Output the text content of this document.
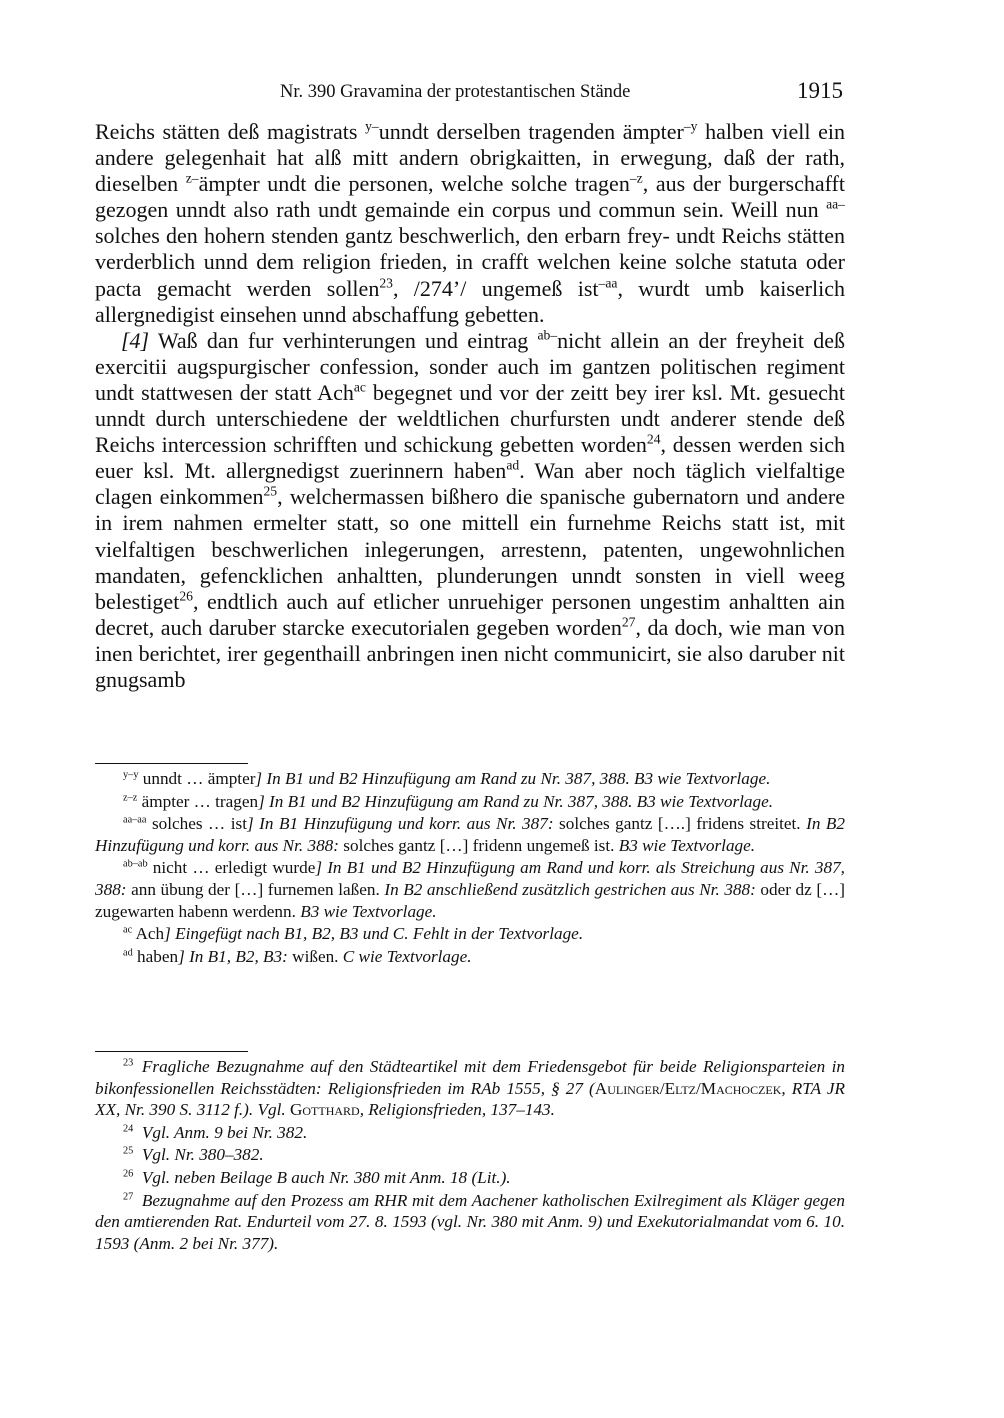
Nr. 390 Gravamina der protestantischen Stände	1915

Reichs stätten deß magistrats $^{y-}$unndt derselben tragenden ämpter$^{-y}$ halben viell ein andere gelegenhait hat alß mitt andern obrigkaitten, in erwegung, daß der rath, dieselben $^{z-}$ämpter undt die personen, welche solche tragen$^{-z}$, aus der burgerschafft gezogen unndt also rath undt gemainde ein corpus und commun sein. Weill nun $^{aa-}$solches den hohern stenden gantz beschwerlich, den erbarn frey- undt Reichs stätten verderblich unnd dem religion frieden, in crafft welchen keine solche statuta oder pacta gemacht werden sollen$^{23}$, /274’/ ungemeß ist$^{-aa}$, wurdt umb kaiserlich allergnedigist einsehen unnd abschaffung gebetten.

[4] Waß dan fur verhinterungen und eintrag $^{ab-}$nicht allein an der freyheit deß exercitii augspurgischer confession, sonder auch im gantzen politischen regiment undt stattwesen der statt Ach$^{ac}$ begegnet und vor der zeitt bey irer ksl. Mt. gesuecht unndt durch unterschiedene der weldtlichen churfursten undt anderer stende deß Reichs intercession schrifften und schickung gebetten worden$^{24}$, dessen werden sich euer ksl. Mt. allergnedigst zuerinnern haben$^{ad}$. Wan aber noch täglich vielfaltige clagen einkommen$^{25}$, welchermassen bißhero die spanische gubernatorn und andere in irem nahmen ermelter statt, so one mittell ein furnehme Reichs statt ist, mit vielfaltigen beschwerlichen inlegerungen, arrestenn, patenten, ungewohnlichen mandaten, gefencklichen anhaltten, plunderungen unndt sonsten in viell weeg belestiget$^{26}$, endtlich auch auf etlicher unruehiger personen ungestim anhaltten ain decret, auch daruber starcke executorialen gegeben worden$^{27}$, da doch, wie man von inen berichtet, irer gegenthaill anbringen inen nicht communicirt, sie also daruber nit gnugsamb

$^{y-y}$ unndt … ämpter] In B1 und B2 Hinzufügung am Rand zu Nr. 387, 388. B3 wie Textvorlage.

$^{z-z}$ ämpter … tragen] In B1 und B2 Hinzufügung am Rand zu Nr. 387, 388. B3 wie Textvorlage.

$^{aa-aa}$ solches … ist] In B1 Hinzufügung und korr. aus Nr. 387: solches gantz [….] fridens streitet. In B2 Hinzufügung und korr. aus Nr. 388: solches gantz […] fridenn ungemeß ist. B3 wie Textvorlage.

$^{ab-ab}$ nicht … erledigt wurde] In B1 und B2 Hinzufügung am Rand und korr. als Streichung aus Nr. 387, 388: ann übung der […] furnemen laßen. In B2 anschließend zusätzlich gestrichen aus Nr. 388: oder dz […] zugewarten habenn werdenn. B3 wie Textvorlage.

$^{ac}$ Ach] Eingefügt nach B1, B2, B3 und C. Fehlt in der Textvorlage.

$^{ad}$ haben] In B1, B2, B3: wißen. C wie Textvorlage.

$^{23}$  Fragliche Bezugnahme auf den Städteartikel mit dem Friedensgebot für beide Religionsparteien in bikonfessionellen Reichsstädten: Religionsfrieden im RAb 1555, § 27 (Aulinger/Eltz/Machoczek, RTA JR XX, Nr. 390 S. 3112 f.). Vgl. Gotthard, Religionsfrieden, 137–143.

$^{24}$  Vgl. Anm. 9 bei Nr. 382.

$^{25}$  Vgl. Nr. 380–382.

$^{26}$  Vgl. neben Beilage B auch Nr. 380 mit Anm. 18 (Lit.).

$^{27}$  Bezugnahme auf den Prozess am RHR mit dem Aachener katholischen Exilregiment als Kläger gegen den amtierenden Rat. Endurteil vom 27. 8. 1593 (vgl. Nr. 380 mit Anm. 9) und Exekutorialmandat vom 6. 10. 1593 (Anm. 2 bei Nr. 377).
